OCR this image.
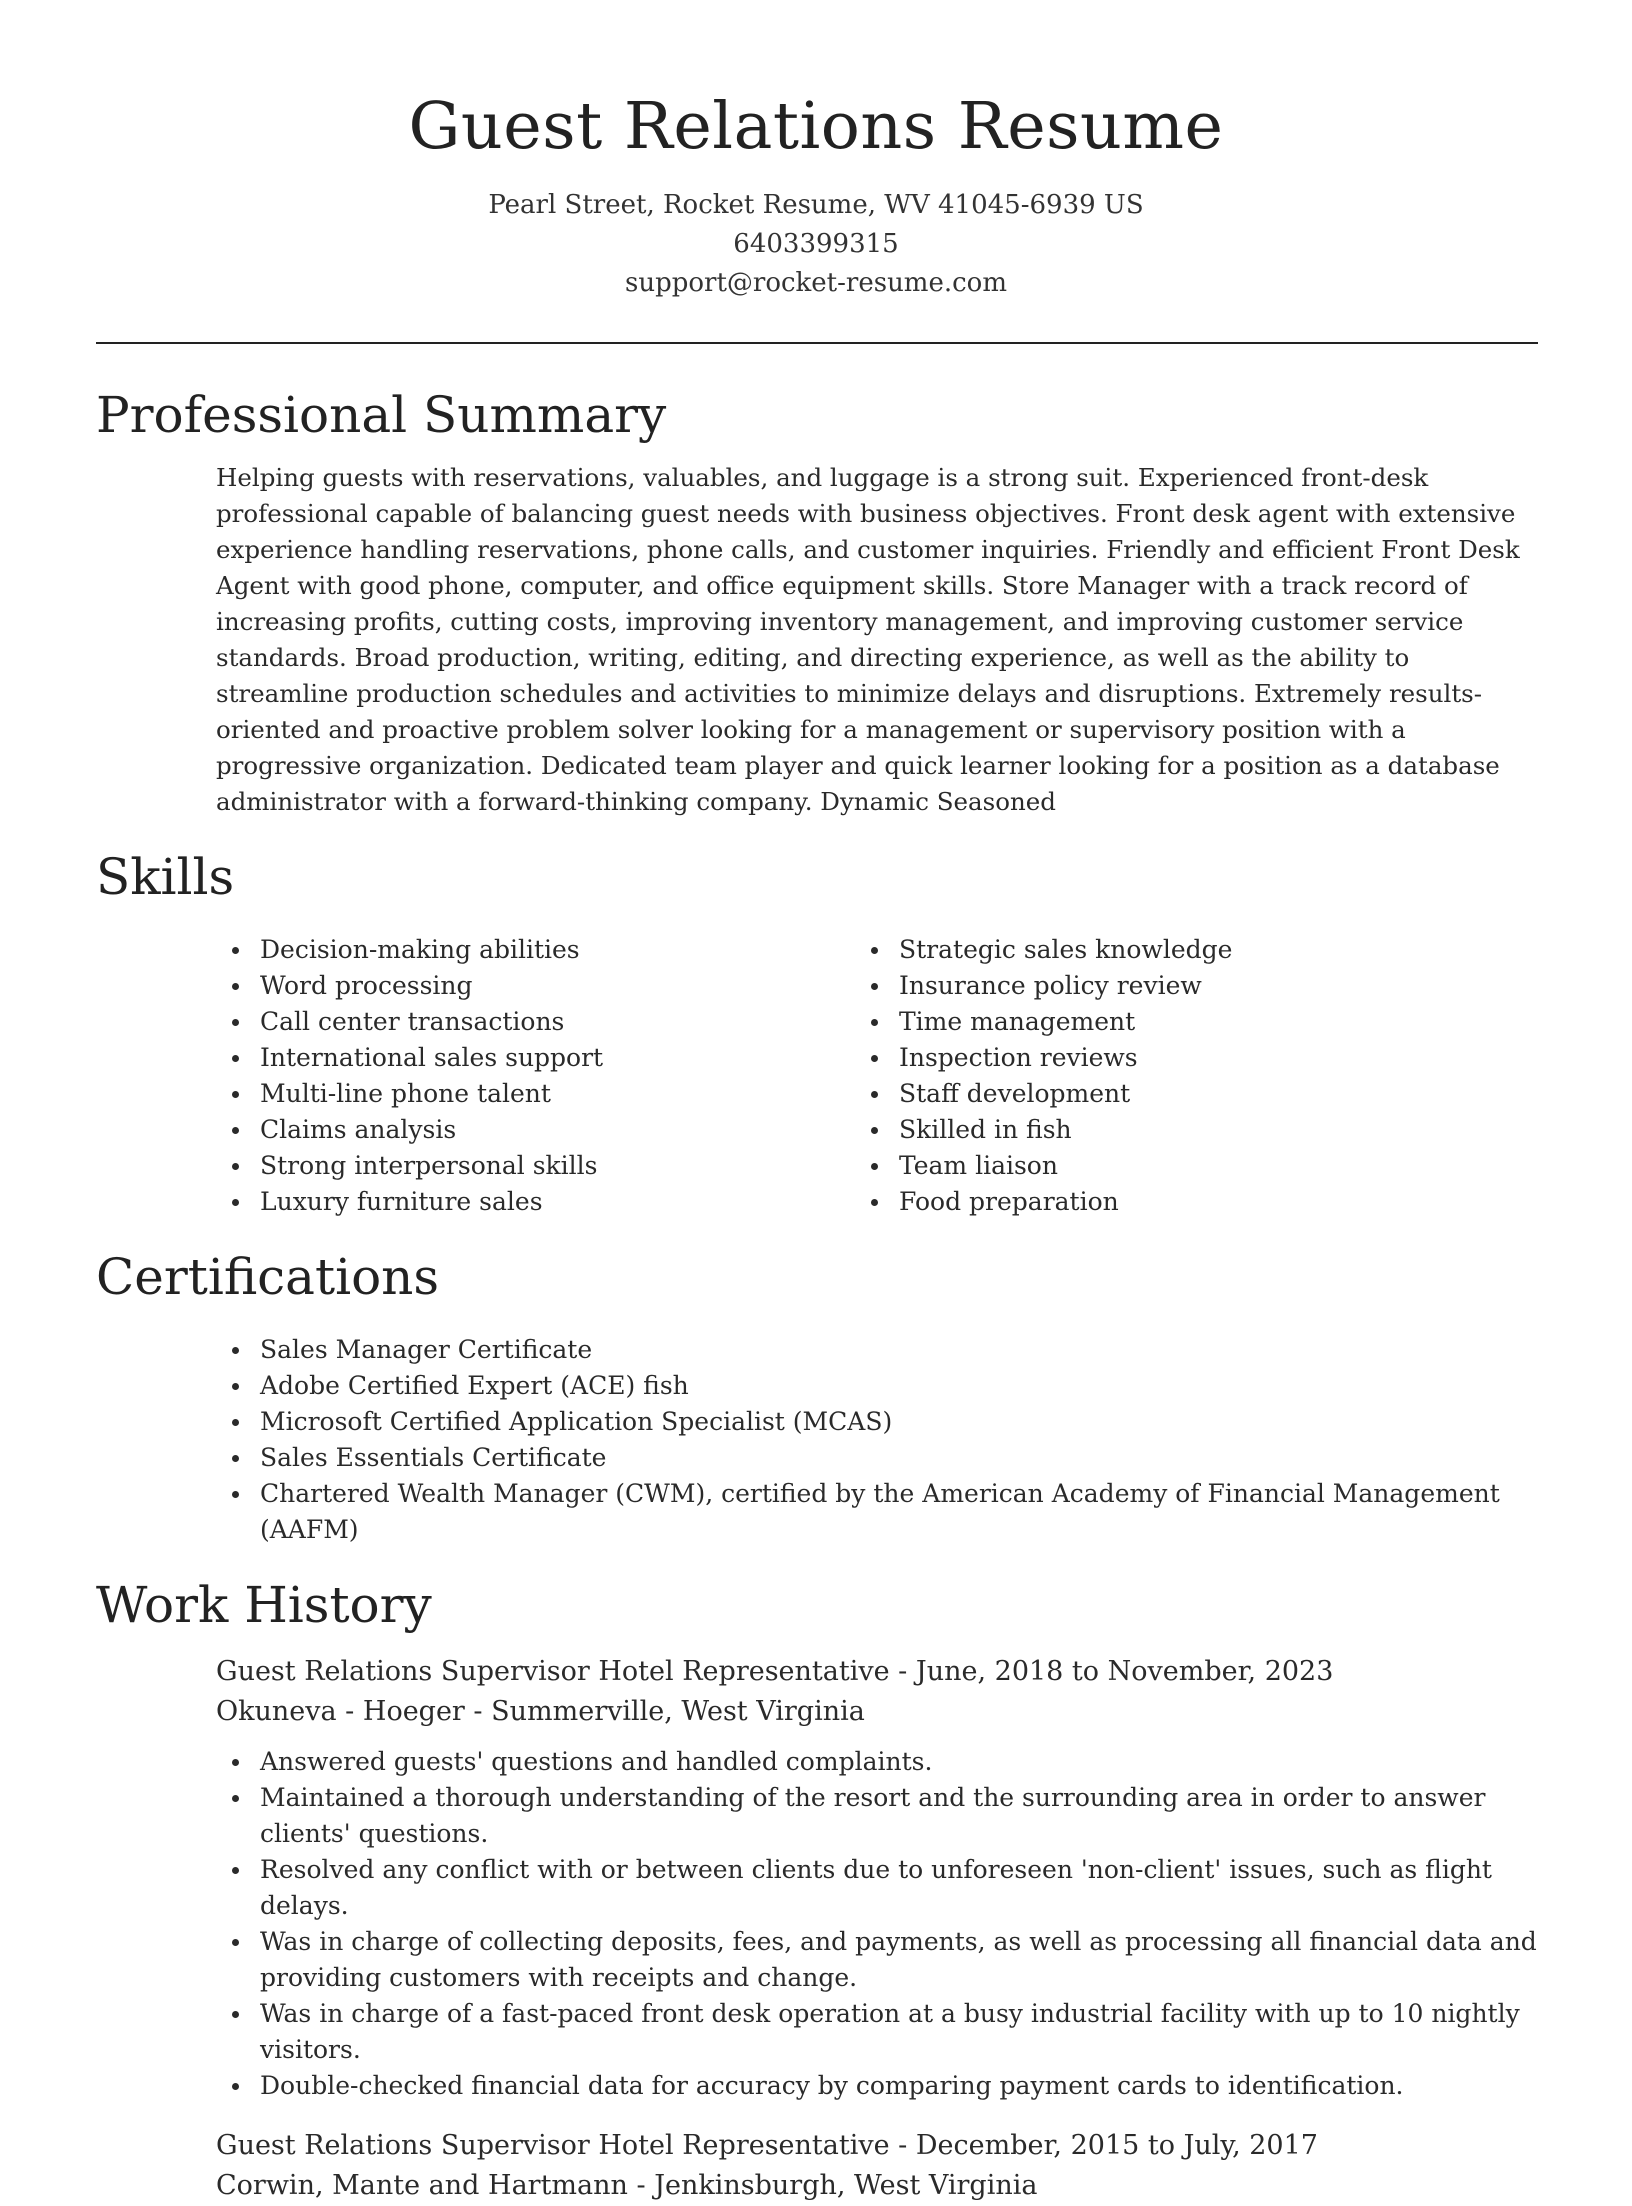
Guest Relations Resume
Pearl Street, Rocket Resume, WV 41045-6939 US
6403399315
support@rocket-resume.com
Professional Summary
Helping guests with reservations, valuables, and luggage is a strong suit. Experienced front-desk professional capable of balancing guest needs with business objectives. Front desk agent with extensive experience handling reservations, phone calls, and customer inquiries. Friendly and efficient Front Desk Agent with good phone, computer, and office equipment skills. Store Manager with a track record of increasing profits, cutting costs, improving inventory management, and improving customer service standards. Broad production, writing, editing, and directing experience, as well as the ability to streamline production schedules and activities to minimize delays and disruptions. Extremely results-oriented and proactive problem solver looking for a management or supervisory position with a progressive organization. Dedicated team player and quick learner looking for a position as a database administrator with a forward-thinking company. Dynamic Seasoned
Skills
Decision-making abilities
Word processing
Call center transactions
International sales support
Multi-line phone talent
Claims analysis
Strong interpersonal skills
Luxury furniture sales
Strategic sales knowledge
Insurance policy review
Time management
Inspection reviews
Staff development
Skilled in fish
Team liaison
Food preparation
Certifications
Sales Manager Certificate
Adobe Certified Expert (ACE) fish
Microsoft Certified Application Specialist (MCAS)
Sales Essentials Certificate
Chartered Wealth Manager (CWM), certified by the American Academy of Financial Management (AAFM)
Work History
Guest Relations Supervisor Hotel Representative - June, 2018 to November, 2023
Okuneva - Hoeger - Summerville, West Virginia
Answered guests' questions and handled complaints.
Maintained a thorough understanding of the resort and the surrounding area in order to answer clients' questions.
Resolved any conflict with or between clients due to unforeseen 'non-client' issues, such as flight delays.
Was in charge of collecting deposits, fees, and payments, as well as processing all financial data and providing customers with receipts and change.
Was in charge of a fast-paced front desk operation at a busy industrial facility with up to 10 nightly visitors.
Double-checked financial data for accuracy by comparing payment cards to identification.
Guest Relations Supervisor Hotel Representative - December, 2015 to July, 2017
Corwin, Mante and Hartmann - Jenkinsburgh, West Virginia
